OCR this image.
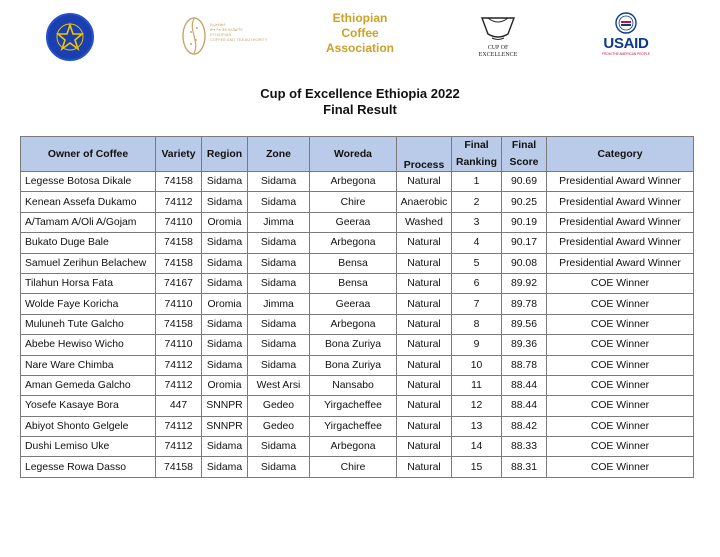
የኢትዮጵያ
ቡና እና ሻይ ባለስልጣን
ETHIOPIAN
COFFEE AND TEA AUTHORITY
Ethiopian
Coffee
Association	CUP OF
EXCELLENCE
USAID
FROM THE AMERICAN PEOPLE
Cup of Excellence Ethiopia 2022
Final Result
Owner of Coffee	Variety	Region	Zone	Woreda	Process	Final	Final	Category
						Ranking	Score	
Legesse Botosa Dikale	74158	Sidama	Sidama	Arbegona	Natural	1	90.69	Presidential Award Winner
Kenean Assefa Dukamo	74112	Sidama	Sidama	Chire	Anaerobic	2	90.25	Presidential Award Winner
A/Tamam A/Oli A/Gojam	74110	Oromia	Jimma	Geeraa	Washed	3	90.19	Presidential Award Winner
Bukato Duge Bale	74158	Sidama	Sidama	Arbegona	Natural	4	90.17	Presidential Award Winner
Samuel Zerihun Belachew	74158	Sidama	Sidama	Bensa	Natural	5	90.08	Presidential Award Winner
Tilahun Horsa Fata	74167	Sidama	Sidama	Bensa	Natural	6	89.92	COE Winner
Wolde Faye Koricha	74110	Oromia	Jimma	Geeraa	Natural	7	89.78	COE Winner
Muluneh Tute Galcho	74158	Sidama	Sidama	Arbegona	Natural	8	89.56	COE Winner
Abebe Hewiso Wicho	74110	Sidama	Sidama	Bona Zuriya	Natural	9	89.36	COE Winner
Nare Ware Chimba	74112	Sidama	Sidama	Bona Zuriya	Natural	10	88.78	COE Winner
Aman Gemeda Galcho	74112	Oromia	West Arsi	Nansabo	Natural	11	88.44	COE Winner
Yosefe Kasaye Bora	447	SNNPR	Gedeo	Yirgacheffee	Natural	12	88.44	COE Winner
Abiyot Shonto Gelgele	74112	SNNPR	Gedeo	Yirgacheffee	Natural	13	88.42	COE Winner
Dushi Lemiso Uke	74112	Sidama	Sidama	Arbegona	Natural	14	88.33	COE Winner
Legesse Rowa Dasso	74158	Sidama	Sidama	Chire	Natural	15	88.31	COE Winner
